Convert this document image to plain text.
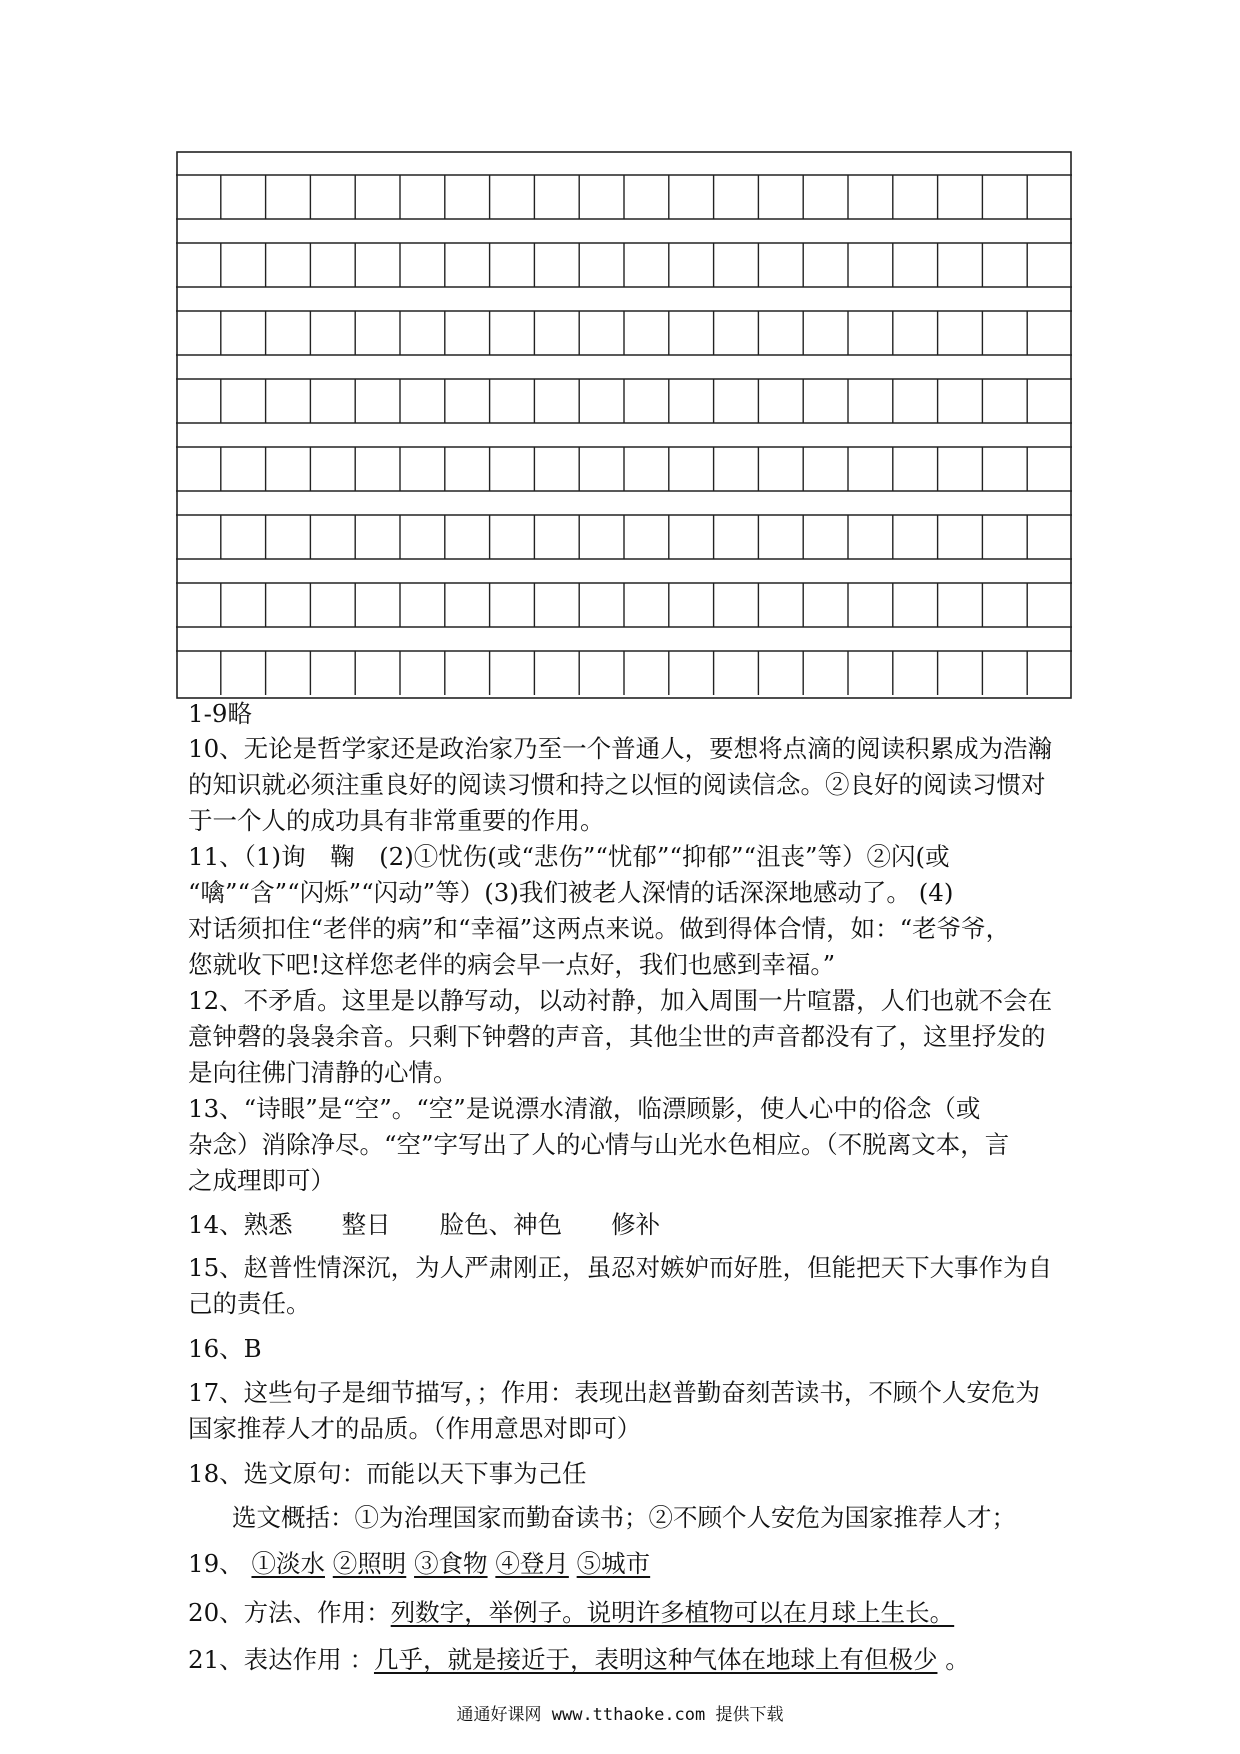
1-9略
10、无论是哲学家还是政治家乃至一个普通人，要想将点滴的阅读积累成为浩瀚
的知识就必须注重良好的阅读习惯和持之以恒的阅读信念。②良好的阅读习惯对
于一个人的成功具有非常重要的作用。
11、（1)询　鞠　(2)①忧伤(或“悲伤”“忧郁”“抑郁”“沮丧”等）②闪(或
“噙”“含”“闪烁”“闪动”等）(3)我们被老人深情的话深深地感动了。 (4)
对话须扣住“老伴的病”和“幸福”这两点来说。做到得体合情，如：“老爷爷，
您就收下吧!这样您老伴的病会早一点好，我们也感到幸福。”
12、不矛盾。这里是以静写动，以动衬静，加入周围一片喧嚣，人们也就不会在
意钟磬的袅袅余音。只剩下钟磬的声音，其他尘世的声音都没有了，这里抒发的
是向往佛门清静的心情。
13、“诗眼”是“空”。“空”是说漂水清澈，临漂顾影，使人心中的俗念（或
杂念）消除净尽。“空”字写出了人的心情与山光水色相应。（不脱离文本，言
之成理即可）
14、熟悉　　整日　　脸色、神色　　修补
15、赵普性情深沉，为人严肃刚正，虽忍对嫉妒而好胜，但能把天下大事作为自
己的责任。
16、B
17、这些句子是细节描写，；作用：表现出赵普勤奋刻苦读书，不顾个人安危为
国家推荐人才的品质。（作用意思对即可）
18、选文原句：而能以天下事为己任
选文概括：①为治理国家而勤奋读书；②不顾个人安危为国家推荐人才；
19、 ①淡水 ②照明 ③食物 ④登月 ⑤城市
20、方法、作用：列数字，举例子。说明许多植物可以在月球上生长。
21、表达作用 ：几乎，就是接近于，表明这种气体在地球上有但极少 。
通通好课网 www.tthaoke.com 提供下载
